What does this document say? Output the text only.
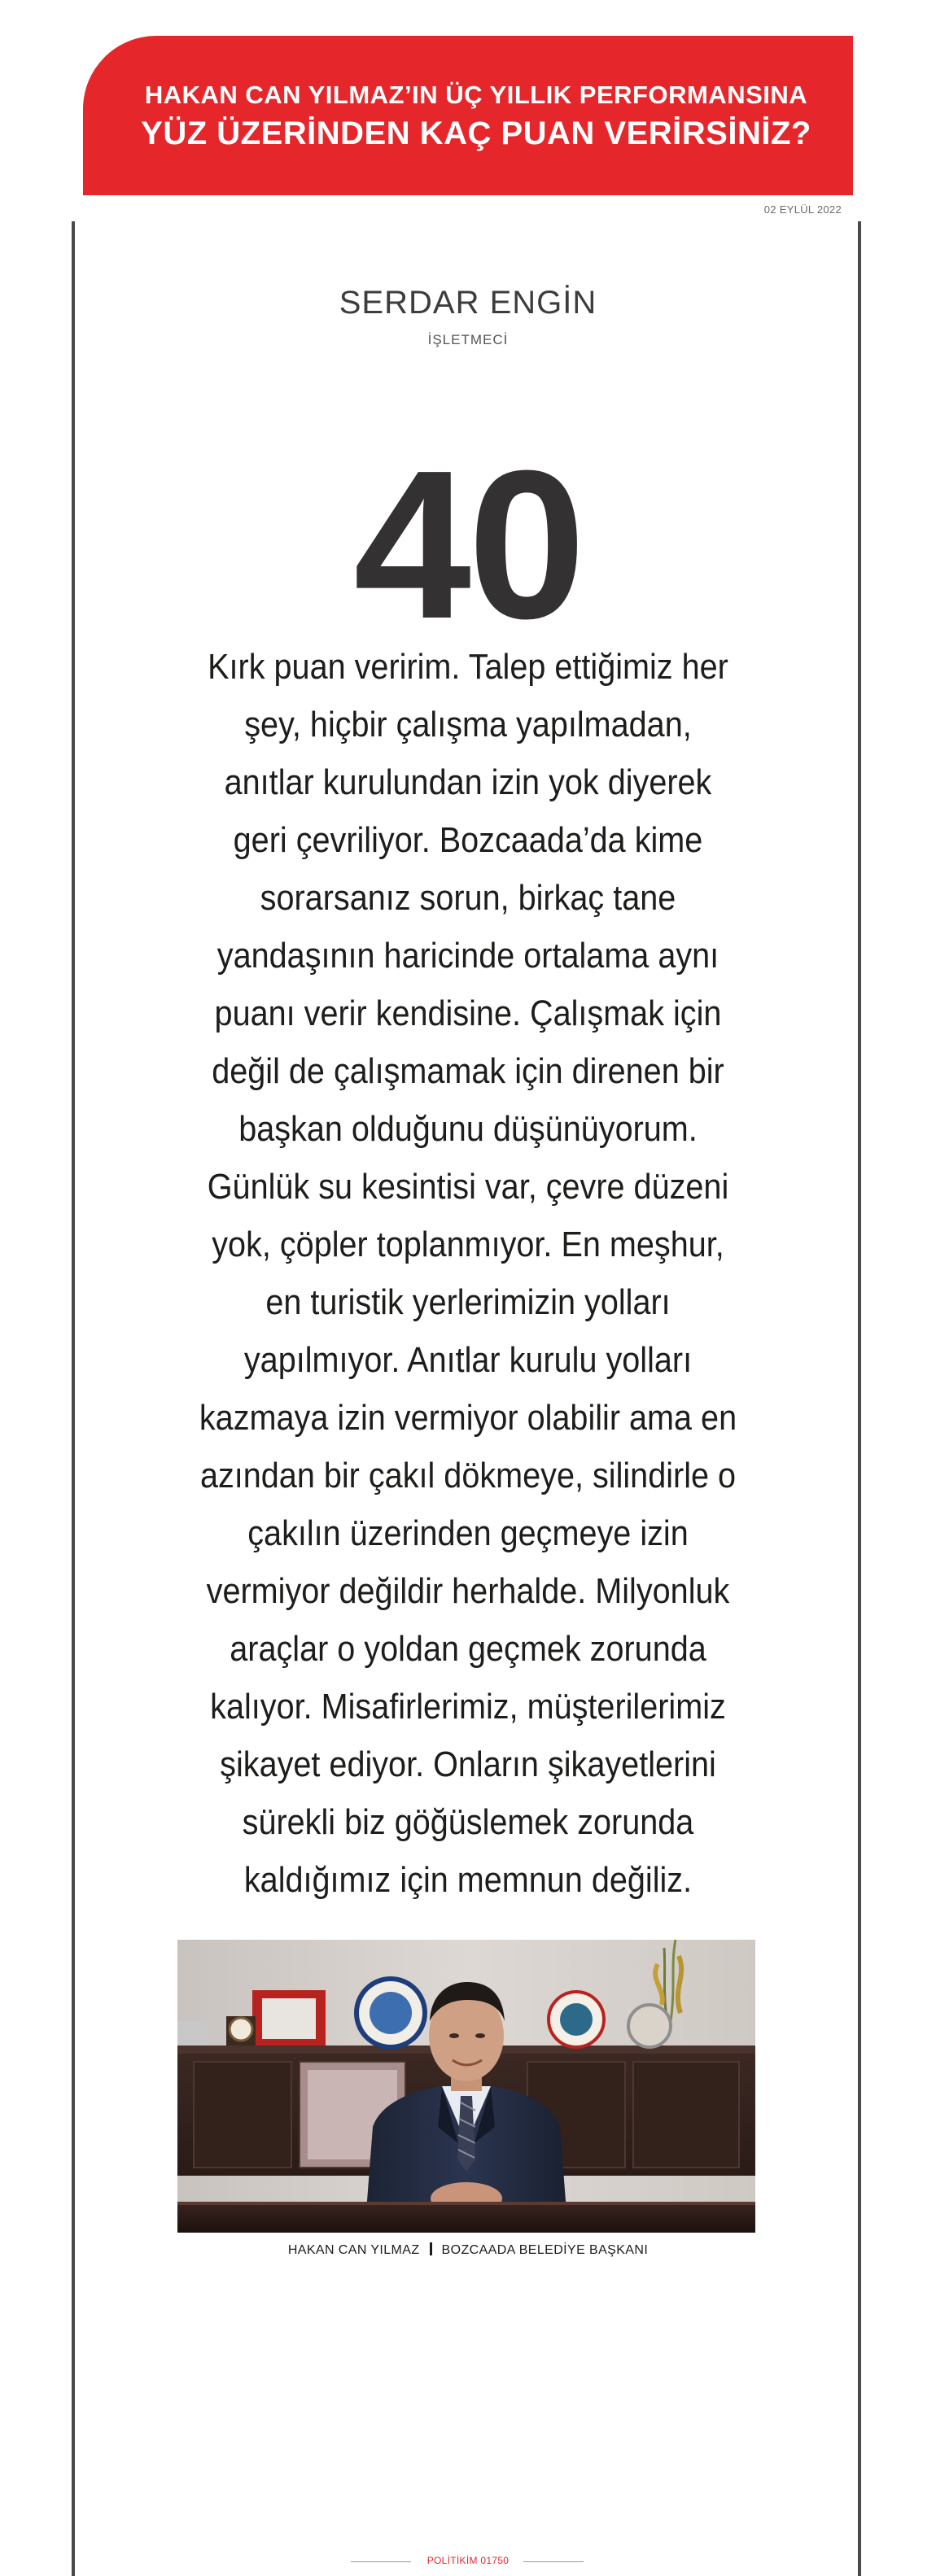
HAKAN CAN YILMAZ’IN ÜÇ YILLIK PERFORMANSINA
YÜZ ÜZERİNDEN KAÇ PUAN VERİRSİNİZ?
02 EYLÜL 2022
SERDAR ENGİN
İŞLETMECİ
40

Kırk puan veririm. Talep ettiğimiz her şey, hiçbir çalışma yapılmadan, anıtlar kurulundan izin yok diyerek geri çevriliyor. Bozcaada’da kime sorarsanız sorun, birkaç tane yandaşının haricinde ortalama aynı puanı verir kendisine. Çalışmak için değil de çalışmamak için direnen bir başkan olduğunu düşünüyorum. Günlük su kesintisi var, çevre düzeni yok, çöpler toplanmıyor. En meşhur, en turistik yerlerimizin yolları yapılmıyor. Anıtlar kurulu yolları kazmaya izin vermiyor olabilir ama en azından bir çakıl dökmeye, silindirle o çakılın üzerinden geçmeye izin vermiyor değildir herhalde. Milyonluk araçlar o yoldan geçmek zorunda kalıyor. Misafirlerimiz, müşterilerimiz şikayet ediyor. Onların şikayetlerini sürekli biz göğüslemek zorunda kaldığımız için memnun değiliz.

HAKAN CAN YILMAZ BOZCAADA BELEDİYE BAŞKANI
POLİTİKİM 01750
